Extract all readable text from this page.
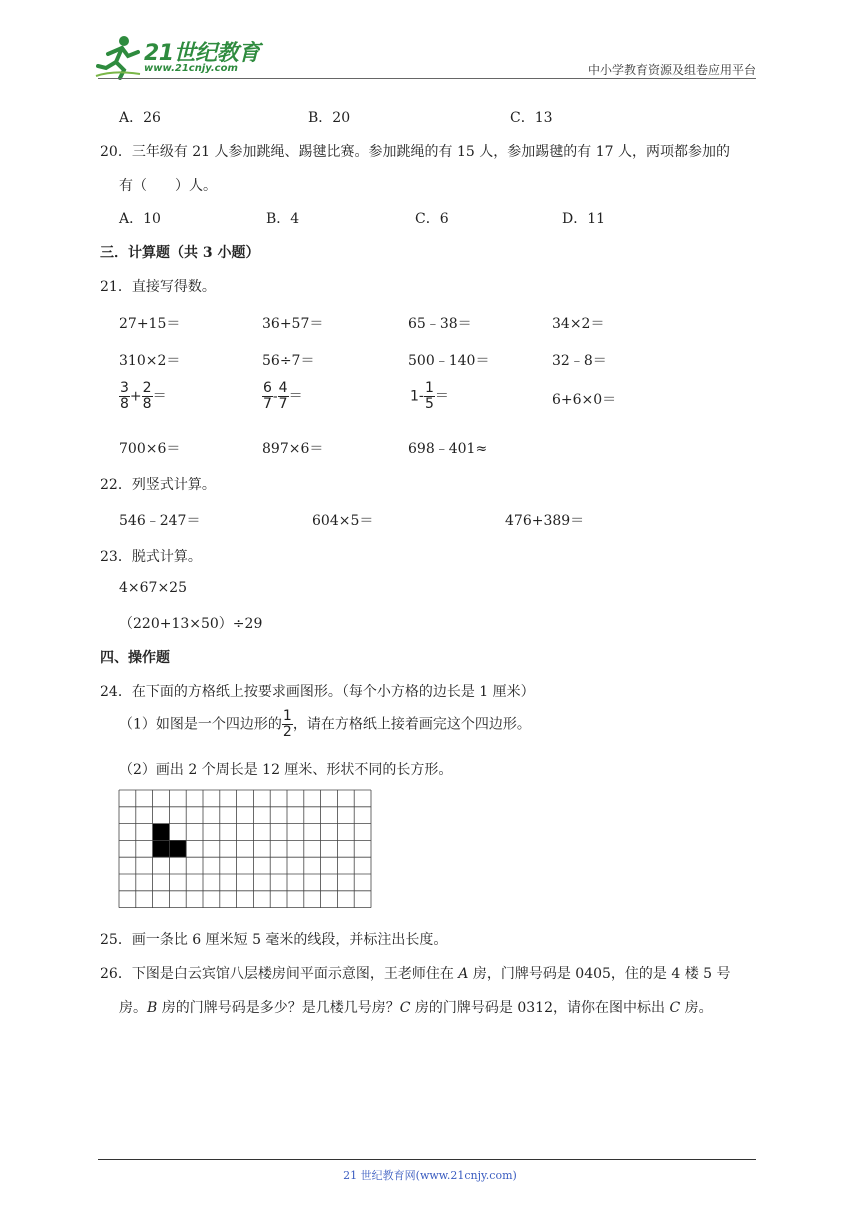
21世纪教育
www.21cnjy.com	中小学教育资源及组卷应用平台
A．26	B．20	C．13
20．三年级有 21 人参加跳绳、踢毽比赛。参加跳绳的有 15 人，参加踢毽的有 17 人，两项都参加的
有（　　）人。
A．10	B．4	C．6	D．11
三．计算题（共 3 小题）
21．直接写得数。
27+15＝	36+57＝	65﹣38＝	34×2＝
310×2＝	56÷7＝	500﹣140＝	32﹣8＝
$\frac{3}{8} + \frac{2}{8}$ ＝	$\frac{6}{7} - \frac{4}{7}$ ＝	$1- \frac{1}{5}$ ＝	6+6×0＝
700×6＝	897×6＝	698﹣401≈
22．列竖式计算。
546﹣247＝	604×5＝	476+389＝
23．脱式计算。
4×67×25
（220+13×50）÷29
四、操作题
24．在下面的方格纸上按要求画图形。（每个小方格的边长是 1 厘米）
（1）如图是一个四边形的 $\frac{1}{2}$ ，请在方格纸上接着画完这个四边形。
（2）画出 2 个周长是 12 厘米、形状不同的长方形。
25．画一条比 6 厘米短 5 毫米的线段，并标注出长度。
26．下图是白云宾馆八层楼房间平面示意图，王老师住在 A 房，门牌号码是 0405，住的是 4 楼 5 号
房。B 房的门牌号码是多少？是几楼几号房？C 房的门牌号码是 0312，请你在图中标出 C 房。
21 世纪教育网(www.21cnjy.com)
